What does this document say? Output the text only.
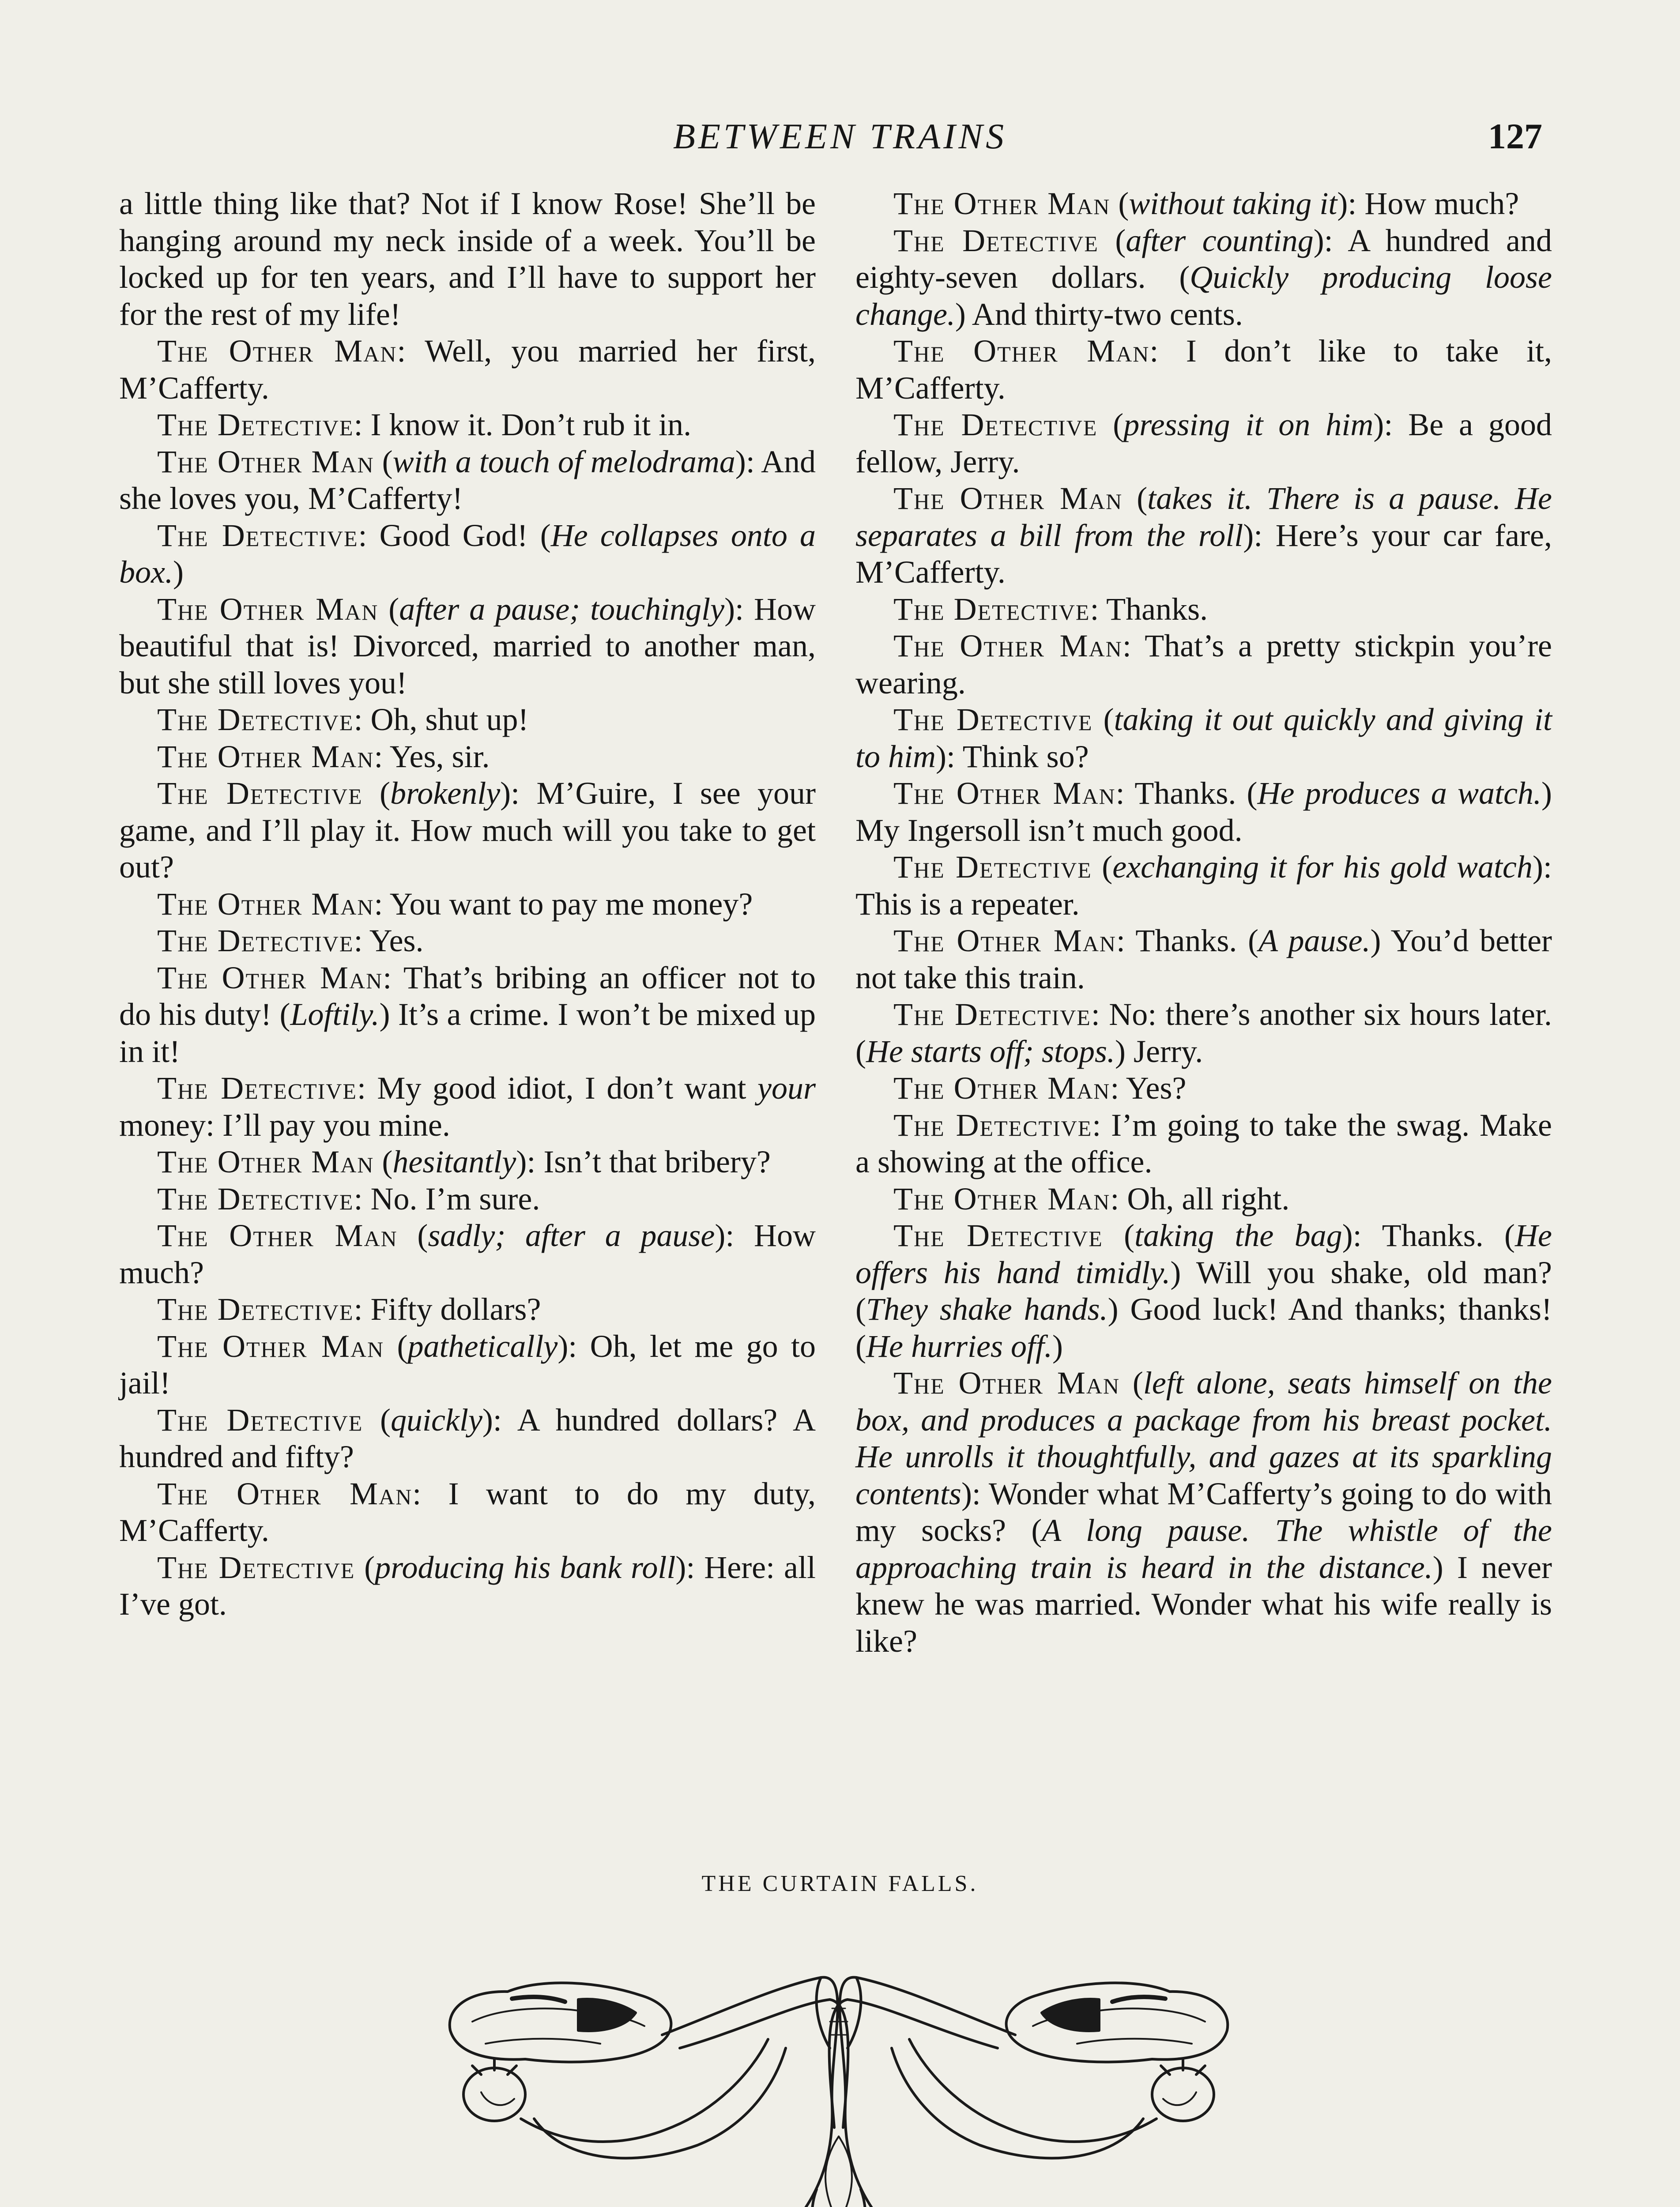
BETWEEN TRAINS	127

a little thing like that? Not if I know Rose! She’ll be hanging around my neck inside of a week. You’ll be locked up for ten years, and I’ll have to support her for the rest of my life!

The Other Man: Well, you married her first, M’Cafferty.

The Detective: I know it. Don’t rub it in.

The Other Man (with a touch of melodrama): And she loves you, M’Cafferty!

The Detective: Good God! (He collapses onto a box.)

The Other Man (after a pause; touchingly): How beautiful that is! Divorced, married to another man, but she still loves you!

The Detective: Oh, shut up!

The Other Man: Yes, sir.

The Detective (brokenly): M’Guire, I see your game, and I’ll play it. How much will you take to get out?

The Other Man: You want to pay me money?

The Detective: Yes.

The Other Man: That’s bribing an officer not to do his duty! (Loftily.) It’s a crime. I won’t be mixed up in it!

The Detective: My good idiot, I don’t want your money: I’ll pay you mine.

The Other Man (hesitantly): Isn’t that bribery?

The Detective: No. I’m sure.

The Other Man (sadly; after a pause): How much?

The Detective: Fifty dollars?

The Other Man (pathetically): Oh, let me go to jail!

The Detective (quickly): A hundred dollars? A hundred and fifty?

The Other Man: I want to do my duty, M’Cafferty.

The Detective (producing his bank roll): Here: all I’ve got.

The Other Man (without taking it): How much?

The Detective (after counting): A hundred and eighty-seven dollars. (Quickly producing loose change.) And thirty-two cents.

The Other Man: I don’t like to take it, M’Cafferty.

The Detective (pressing it on him): Be a good fellow, Jerry.

The Other Man (takes it. There is a pause. He separates a bill from the roll): Here’s your car fare, M’Cafferty.

The Detective: Thanks.

The Other Man: That’s a pretty stickpin you’re wearing.

The Detective (taking it out quickly and giving it to him): Think so?

The Other Man: Thanks. (He produces a watch.) My Ingersoll isn’t much good.

The Detective (exchanging it for his gold watch): This is a repeater.

The Other Man: Thanks. (A pause.) You’d better not take this train.

The Detective: No: there’s another six hours later. (He starts off; stops.) Jerry.

The Other Man: Yes?

The Detective: I’m going to take the swag. Make a showing at the office.

The Other Man: Oh, all right.

The Detective (taking the bag): Thanks. (He offers his hand timidly.) Will you shake, old man? (They shake hands.) Good luck! And thanks; thanks! (He hurries off.)

The Other Man (left alone, seats himself on the box, and produces a package from his breast pocket. He unrolls it thoughtfully, and gazes at its sparkling contents): Wonder what M’Cafferty’s going to do with my socks? (A long pause. The whistle of the approaching train is heard in the distance.) I never knew he was married. Wonder what his wife really is like?

THE CURTAIN FALLS.
